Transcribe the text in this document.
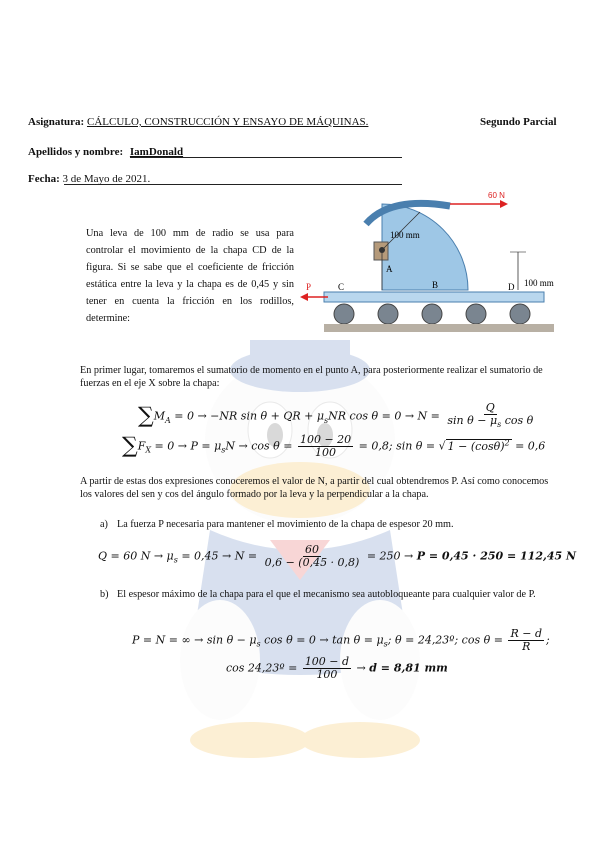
Asignatura: CÁLCULO, CONSTRUCCIÓN Y ENSAYO DE MÁQUINAS.	Segundo Parcial
Apellidos y nombre: IamDonald
Fecha: 3 de Mayo de 2021.
Una leva de 100 mm de radio se usa para controlar el movimiento de la chapa CD de la figura. Si se sabe que el coeficiente de fricción estática entre la leva y la chapa es de 0,45 y sin tener en cuenta la fricción en los rodillos, determine:
100 mm
A
B
60 N
100 mm
C	D
P
En primer lugar, tomaremos el sumatorio de momento en el punto A, para posteriormente realizar el sumatorio de fuerzas en el eje X sobre la chapa:
$\sum M_A = 0 \to -NR$ sin θ + QR + $\mu_sNR$ $\cos \theta = 0 \to N = \frac{Q}{\sin \theta - \mu_s \cos \theta}$
$\sum F_X = 0 \to P = \mu_sN \to \cos \theta = \frac{100 - 20}{100} = 0,8$; sin θ = √ $1 - (\cos\theta)^2 = 0,6$
A partir de estas dos expresiones conoceremos el valor de N, a partir del cual obtendremos P. Así como conocemos los valores del sen y cos del ángulo formado por la leva y la perpendicular a la chapa.
a) La fuerza P necesaria para mantener el movimiento de la chapa de espesor 20 mm.
Q = 60 $N \to \mu_s = 0,45 \to N = \frac{60}{0,6 - (0,45 \cdot 0,8)} = 250 \to P = 0,45 \cdot 250 = 112,45$ N
b) El espesor máximo de la chapa para el que el mecanismo sea autobloqueante para cualquier valor de P.
P = N = ∞ → $\sin \theta - \mu_s$ $\cos \theta = 0 \to \tan \theta = \mu_s$; θ = 24,23º; $\cos \theta = \frac{R - d}{R}$ ;
cos 24,23º = $\frac{100 - d}{100} \to d = 8,81$ mm
